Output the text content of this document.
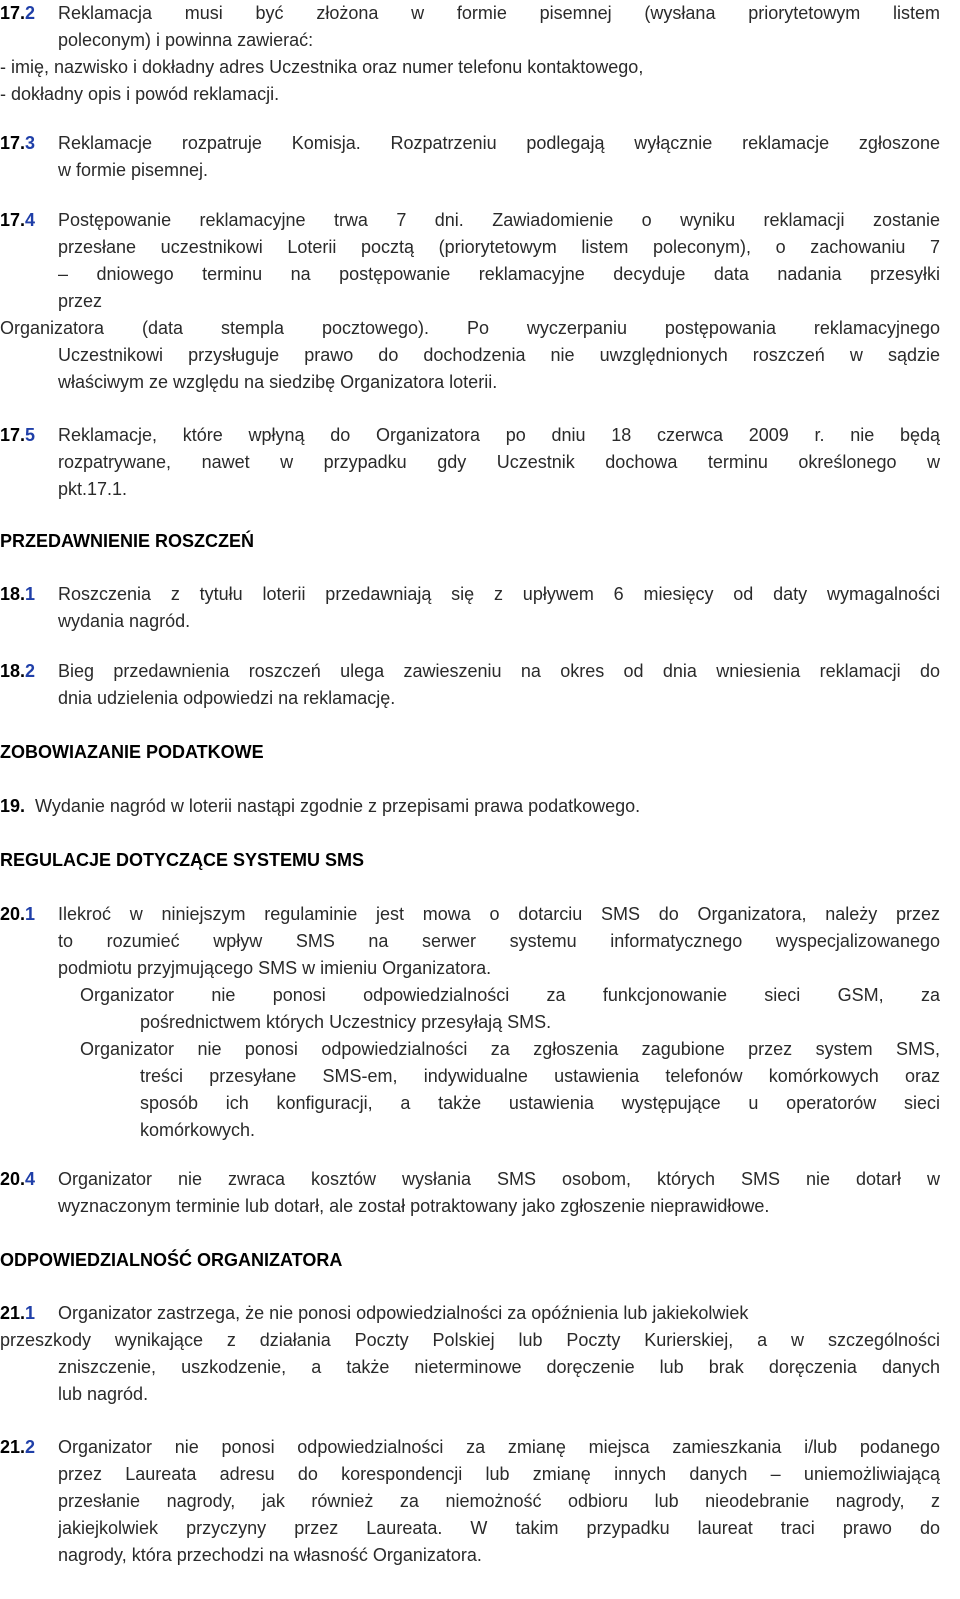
17.2	Reklamacja musi być złożona w formie pisemnej (wysłana priorytetowym listem
poleconym) i powinna zawierać:
- imię, nazwisko i dokładny adres Uczestnika oraz numer telefonu kontaktowego,
- dokładny opis i powód reklamacji.
17.3 Reklamacje rozpatruje Komisja. Rozpatrzeniu podlegają wyłącznie reklamacje zgłoszone
w formie pisemnej.
17.4 Postępowanie reklamacyjne trwa 7 dni. Zawiadomienie o wyniku reklamacji zostanie
przesłane uczestnikowi Loterii pocztą (priorytetowym listem poleconym), o zachowaniu 7
– dniowego terminu na postępowanie reklamacyjne decyduje data nadania przesyłki
przez
Organizatora (data stempla pocztowego). Po wyczerpaniu postępowania reklamacyjnego
Uczestnikowi przysługuje prawo do dochodzenia nie uwzględnionych roszczeń w sądzie
właściwym ze względu na siedzibę Organizatora loterii.
17.5 Reklamacje, które wpłyną do Organizatora po dniu 18 czerwca 2009 r. nie będą
rozpatrywane, nawet w przypadku gdy Uczestnik dochowa terminu określonego w
pkt.17.1.
PRZEDAWNIENIE ROSZCZEŃ
18.1 Roszczenia z tytułu loterii przedawniają się z upływem 6 miesięcy od daty wymagalności
wydania nagród.
18.2 Bieg przedawnienia roszczeń ulega zawieszeniu na okres od dnia wniesienia reklamacji do
dnia udzielenia odpowiedzi na reklamację.
ZOBOWIAZANIE PODATKOWE
19. Wydanie nagród w loterii nastąpi zgodnie z przepisami prawa podatkowego.
REGULACJE DOTYCZĄCE SYSTEMU SMS
20.1 Ilekroć w niniejszym regulaminie jest mowa o dotarciu SMS do Organizatora, należy przez
to rozumieć wpływ SMS na serwer systemu informatycznego wyspecjalizowanego
podmiotu przyjmującego SMS w imieniu Organizatora.
Organizator nie ponosi odpowiedzialności za funkcjonowanie sieci GSM, za
pośrednictwem których Uczestnicy przesyłają SMS.
Organizator nie ponosi odpowiedzialności za zgłoszenia zagubione przez system SMS,
treści przesyłane SMS-em, indywidualne ustawienia telefonów komórkowych oraz
sposób ich konfiguracji, a także ustawienia występujące u operatorów sieci
komórkowych.
20.4 Organizator nie zwraca kosztów wysłania SMS osobom, których SMS nie dotarł w
wyznaczonym terminie lub dotarł, ale został potraktowany jako zgłoszenie nieprawidłowe.
ODPOWIEDZIALNOŚĆ ORGANIZATORA
21.1 Organizator zastrzega, że nie ponosi odpowiedzialności za opóźnienia lub jakiekolwiek
przeszkody wynikające z działania Poczty Polskiej lub Poczty Kurierskiej, a w szczególności
zniszczenie, uszkodzenie, a także nieterminowe doręczenie lub brak doręczenia danych
lub nagród.
21.2 Organizator nie ponosi odpowiedzialności za zmianę miejsca zamieszkania i/lub podanego
przez Laureata adresu do korespondencji lub zmianę innych danych – uniemożliwiającą
przesłanie nagrody, jak również za niemożność odbioru lub nieodebranie nagrody, z
jakiejkolwiek przyczyny przez Laureata. W takim przypadku laureat traci prawo do
nagrody, która przechodzi na własność Organizatora.
